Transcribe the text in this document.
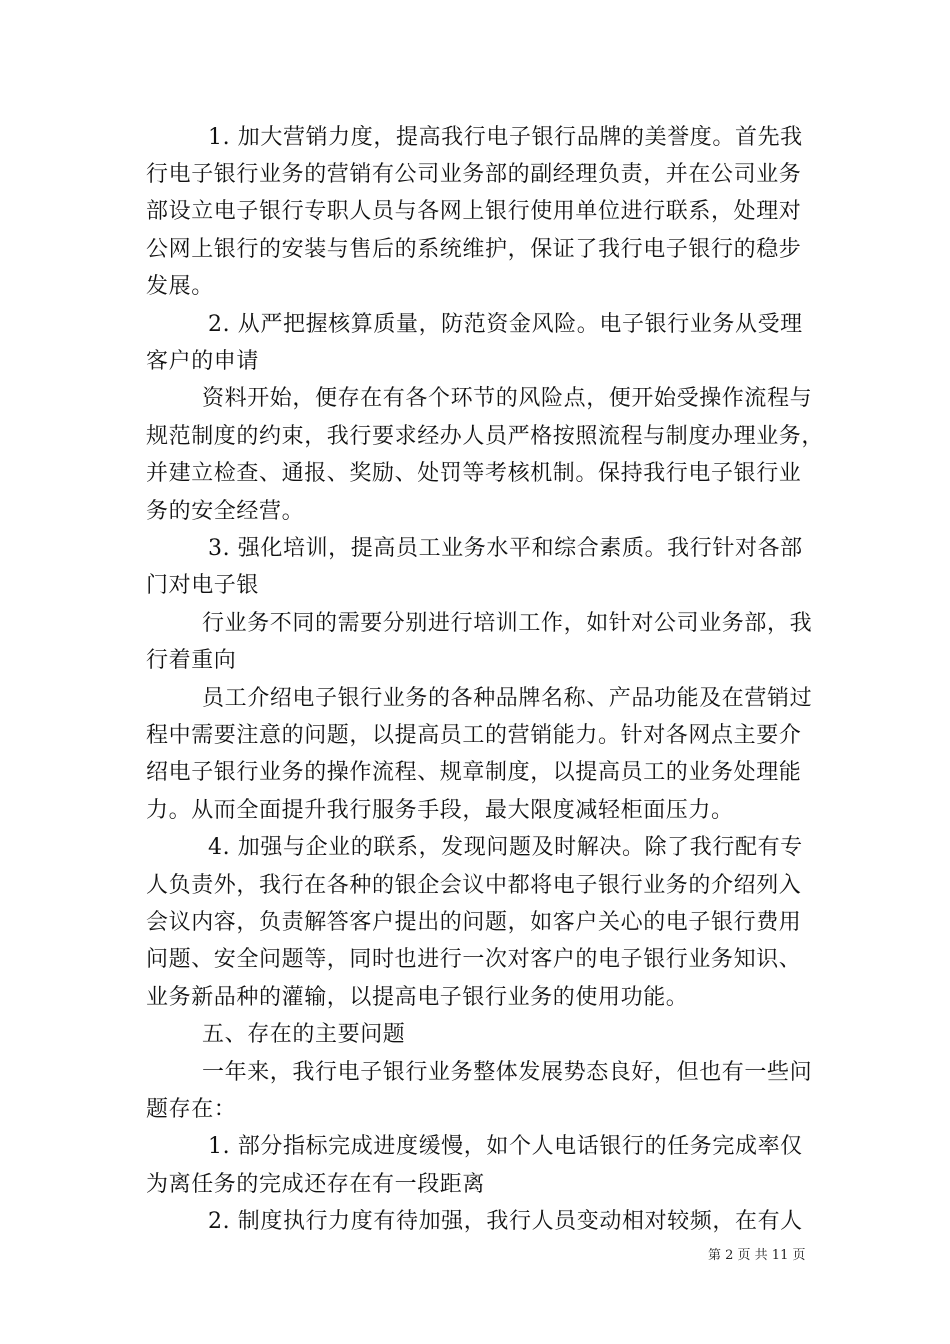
1. 加大营销力度，提高我行电子银行品牌的美誉度。首先我
行电子银行业务的营销有公司业务部的副经理负责，并在公司业务
部设立电子银行专职人员与各网上银行使用单位进行联系，处理对
公网上银行的安装与售后的系统维护，保证了我行电子银行的稳步
发展。
2. 从严把握核算质量，防范资金风险。电子银行业务从受理
客户的申请
资料开始，便存在有各个环节的风险点，便开始受操作流程与
规范制度的约束，我行要求经办人员严格按照流程与制度办理业务，
并建立检查、通报、奖励、处罚等考核机制。保持我行电子银行业
务的安全经营。
3. 强化培训，提高员工业务水平和综合素质。我行针对各部
门对电子银
行业务不同的需要分别进行培训工作，如针对公司业务部，我
行着重向
员工介绍电子银行业务的各种品牌名称、产品功能及在营销过
程中需要注意的问题，以提高员工的营销能力。针对各网点主要介
绍电子银行业务的操作流程、规章制度，以提高员工的业务处理能
力。从而全面提升我行服务手段，最大限度减轻柜面压力。
4. 加强与企业的联系，发现问题及时解决。除了我行配有专
人负责外，我行在各种的银企会议中都将电子银行业务的介绍列入
会议内容，负责解答客户提出的问题，如客户关心的电子银行费用
问题、安全问题等，同时也进行一次对客户的电子银行业务知识、
业务新品种的灌输，以提高电子银行业务的使用功能。
五、存在的主要问题
一年来，我行电子银行业务整体发展势态良好，但也有一些问
题存在：
1. 部分指标完成进度缓慢，如个人电话银行的任务完成率仅
为离任务的完成还存在有一段距离
2. 制度执行力度有待加强，我行人员变动相对较频，在有人
第 2 页 共 11 页
